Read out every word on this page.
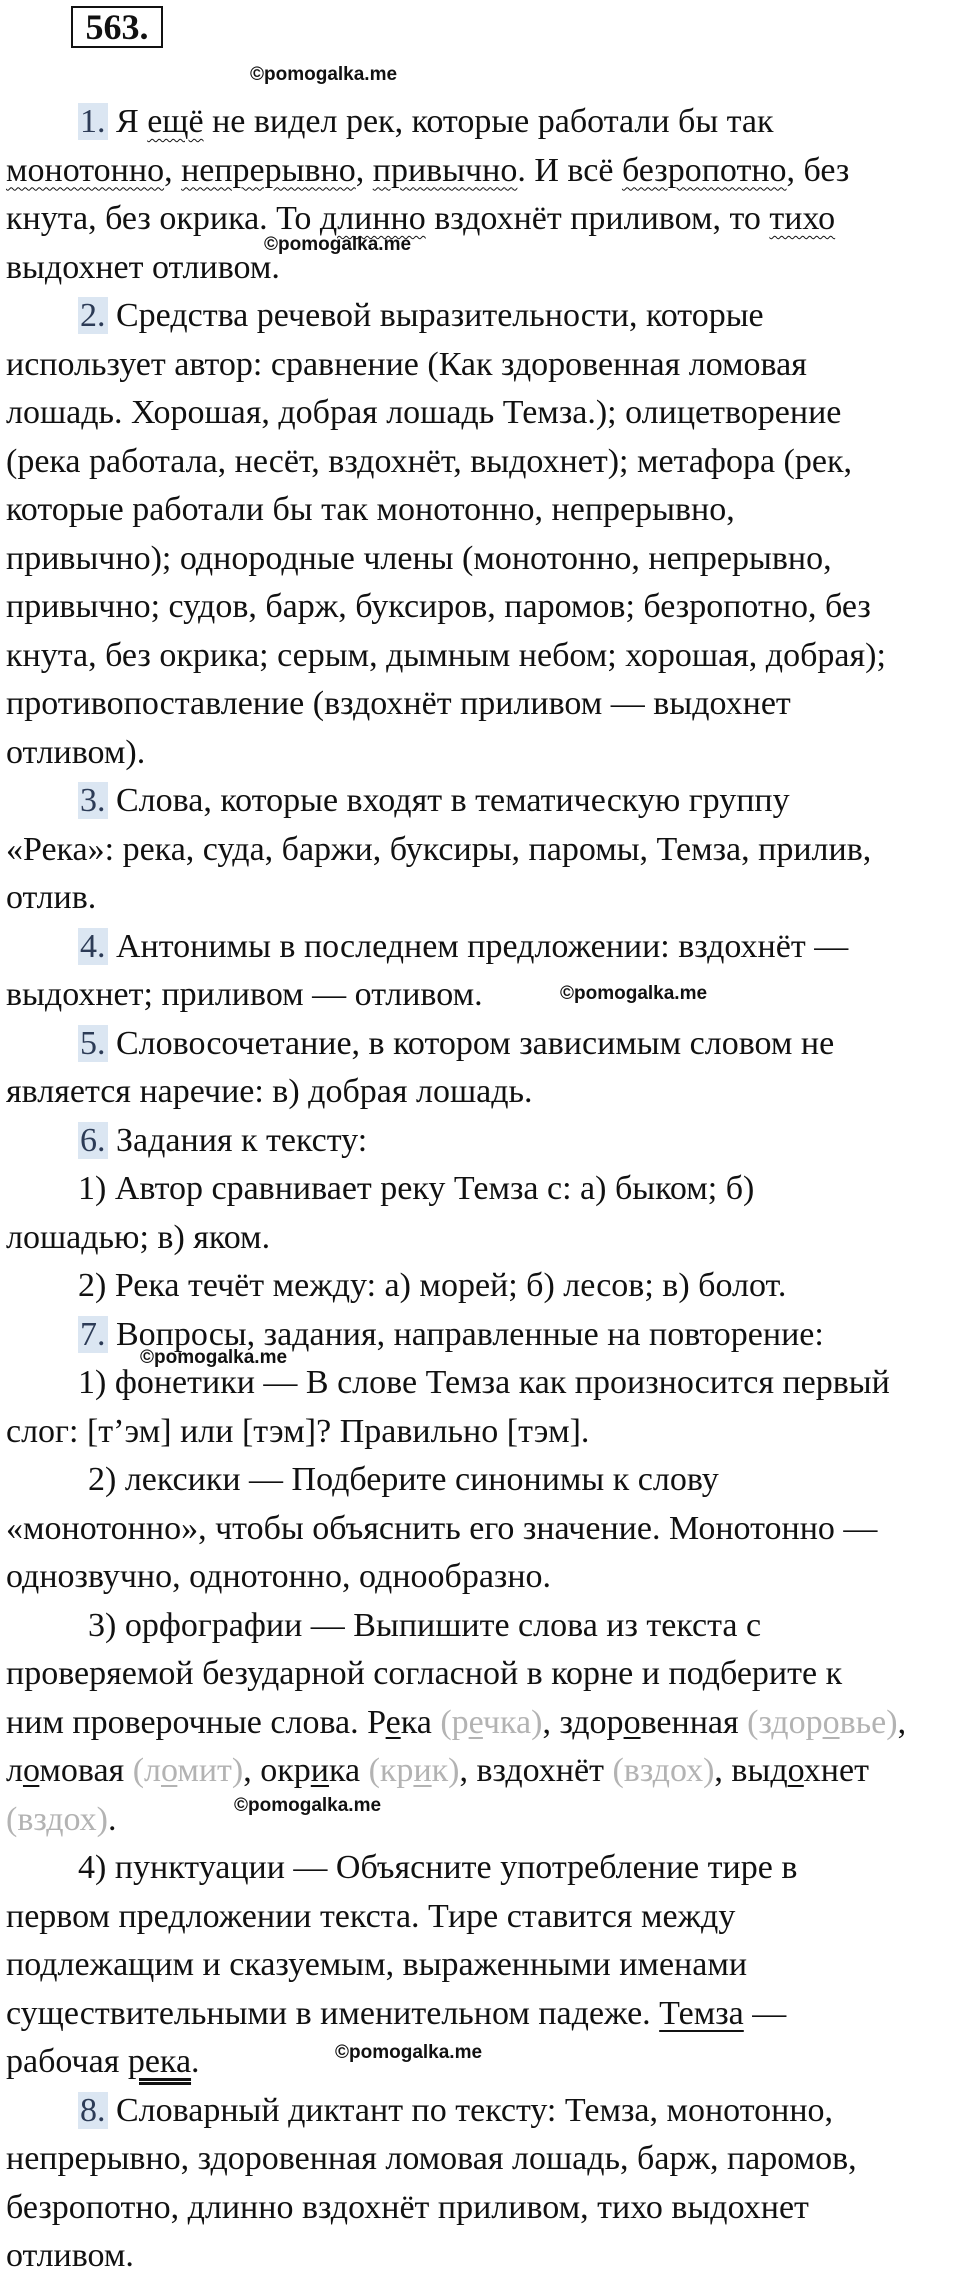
563.
©pomogalka.me
©pomogalka.me
©pomogalka.me
©pomogalka.me
©pomogalka.me
©pomogalka.me
1. Я ещё не видел рек, которые работали бы так
монотонно, непрерывно, привычно. И всё безропотно, без
кнута, без окрика. То длинно вздохнёт приливом, то тихо
выдохнет отливом.
2. Средства речевой выразительности, которые
использует автор: сравнение (Как здоровенная ломовая
лошадь. Хорошая, добрая лошадь Темза.); олицетворение
(река работала, несёт, вздохнёт, выдохнет); метафора (рек,
которые работали бы так монотонно, непрерывно,
привычно); однородные члены (монотонно, непрерывно,
привычно; судов, барж, буксиров, паромов; безропотно, без
кнута, без окрика; серым, дымным небом; хорошая, добрая);
противопоставление (вздохнёт приливом — выдохнет
отливом).
3. Слова, которые входят в тематическую группу
«Река»: река, суда, баржи, буксиры, паромы, Темза, прилив,
отлив.
4. Антонимы в последнем предложении: вздохнёт —
выдохнет; приливом — отливом.
5. Словосочетание, в котором зависимым словом не
является наречие: в) добрая лошадь.
6. Задания к тексту:
1) Автор сравнивает реку Темза с: а) быком; б)
лошадью; в) яком.
2) Река течёт между: а) морей; б) лесов; в) болот.
7. Вопросы, задания, направленные на повторение:
1) фонетики — В слове Темза как произносится первый
слог: [т’эм] или [тэм]? Правильно [тэм].
2) лексики — Подберите синонимы к слову
«монотонно», чтобы объяснить его значение. Монотонно —
однозвучно, однотонно, однообразно.
3) орфографии — Выпишите слова из текста с
проверяемой безударной согласной в корне и подберите к
ним проверочные слова. Река (речка), здоровенная (здоровье),
ломовая (ломит), окрика (крик), вздохнёт (вздох), выдохнет
(вздох).
4) пунктуации — Объясните употребление тире в
первом предложении текста. Тире ставится между
подлежащим и сказуемым, выраженными именами
существительными в именительном падеже. Темза —
рабочая река.
8. Словарный диктант по тексту: Темза, монотонно,
непрерывно, здоровенная ломовая лошадь, барж, паромов,
безропотно, длинно вздохнёт приливом, тихо выдохнет
отливом.
